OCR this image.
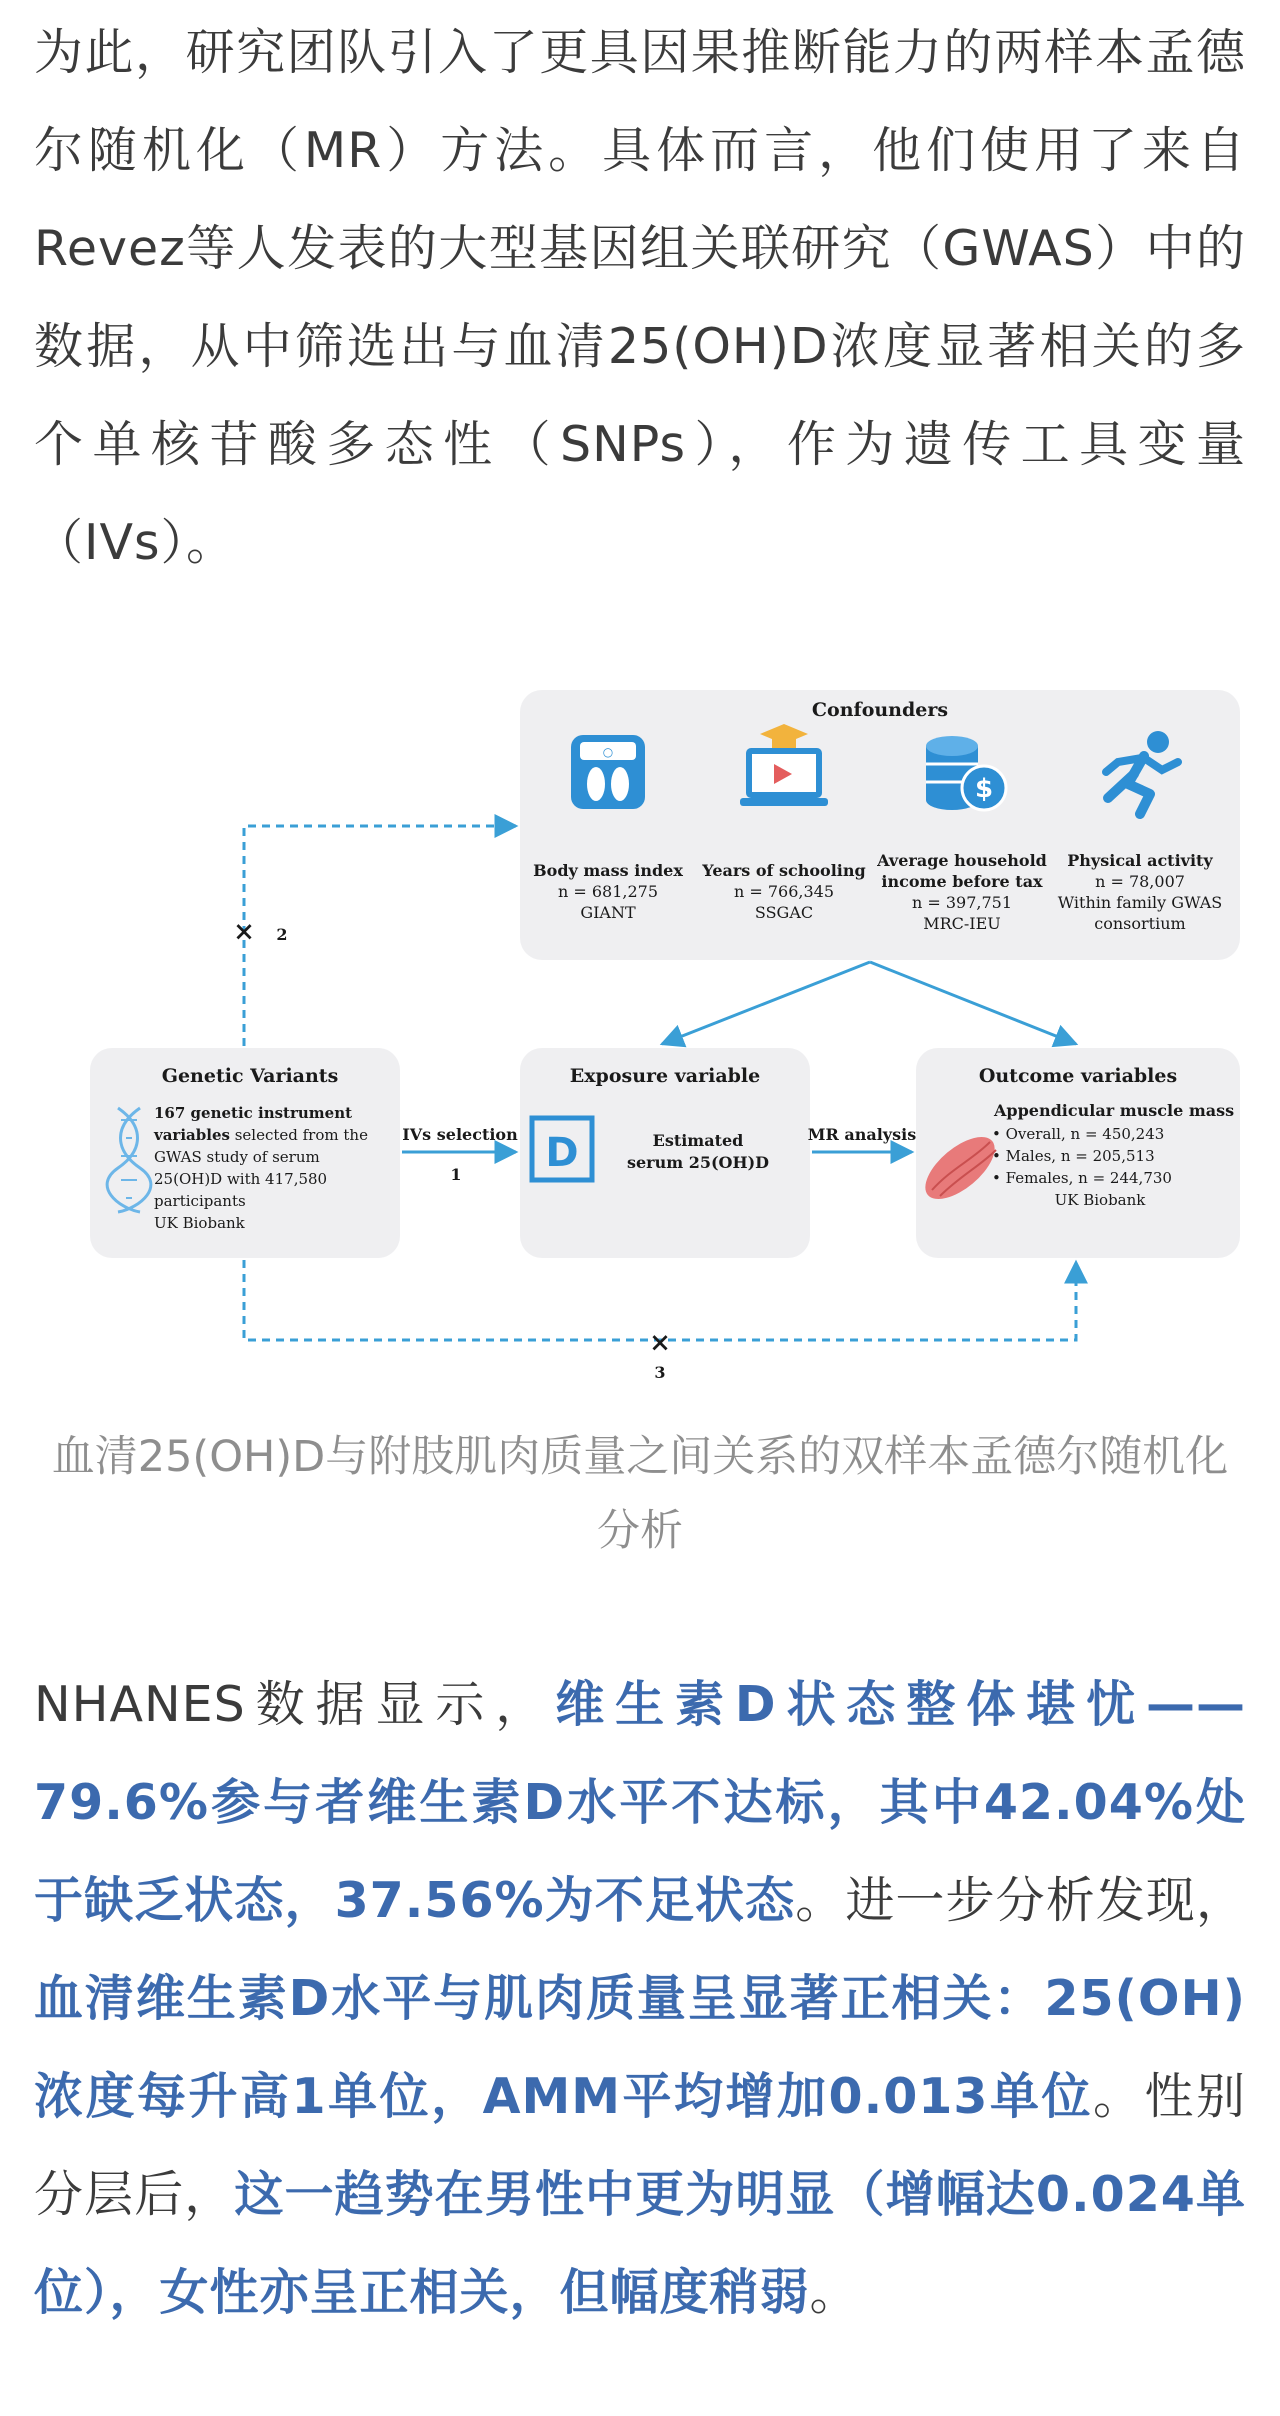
为此，研究团队引入了更具因果推断能力的两样本孟德尔随机化（MR）方法。具体而言，他们使用了来自Revez等人发表的大型基因组关联研究（GWAS）中的数据，从中筛选出与血清25(OH)D浓度显著相关的多个单核苷酸多态性（SNPs），作为遗传工具变量（IVs）。

Confounders
○
$
Body mass index
n = 681,275
GIANT
Years of schooling
n = 766,345
SSGAC
Average household
income before tax
n = 397,751
MRC-IEU
Physical activity
n = 78,007
Within family GWAS
consortium
Genetic Variants
167 genetic instrument
variables selected from the
GWAS study of serum
25(OH)D with 417,580
participants
UK Biobank
Exposure variable
D	Estimated
serum 25(OH)D
Outcome variables
Appendicular muscle mass
• Overall, n = 450,243
• Males, n = 205,513
• Females, n = 244,730
UK Biobank
IVs selection
1
MR analysis
× 2
×
3

血清25(OH)D与附肢肌肉质量之间关系的双样本孟德尔随机化分析

NHANES数据显示，维生素D状态整体堪忧——79.6%参与者维生素D水平不达标，其中42.04%处于缺乏状态，37.56%为不足状态。进一步分析发现，血清维生素D水平与肌肉质量呈显著正相关：25(OH)浓度每升高1单位，AMM平均增加0.013单位。性别分层后，这一趋势在男性中更为明显（增幅达0.024单位），女性亦呈正相关，但幅度稍弱。
